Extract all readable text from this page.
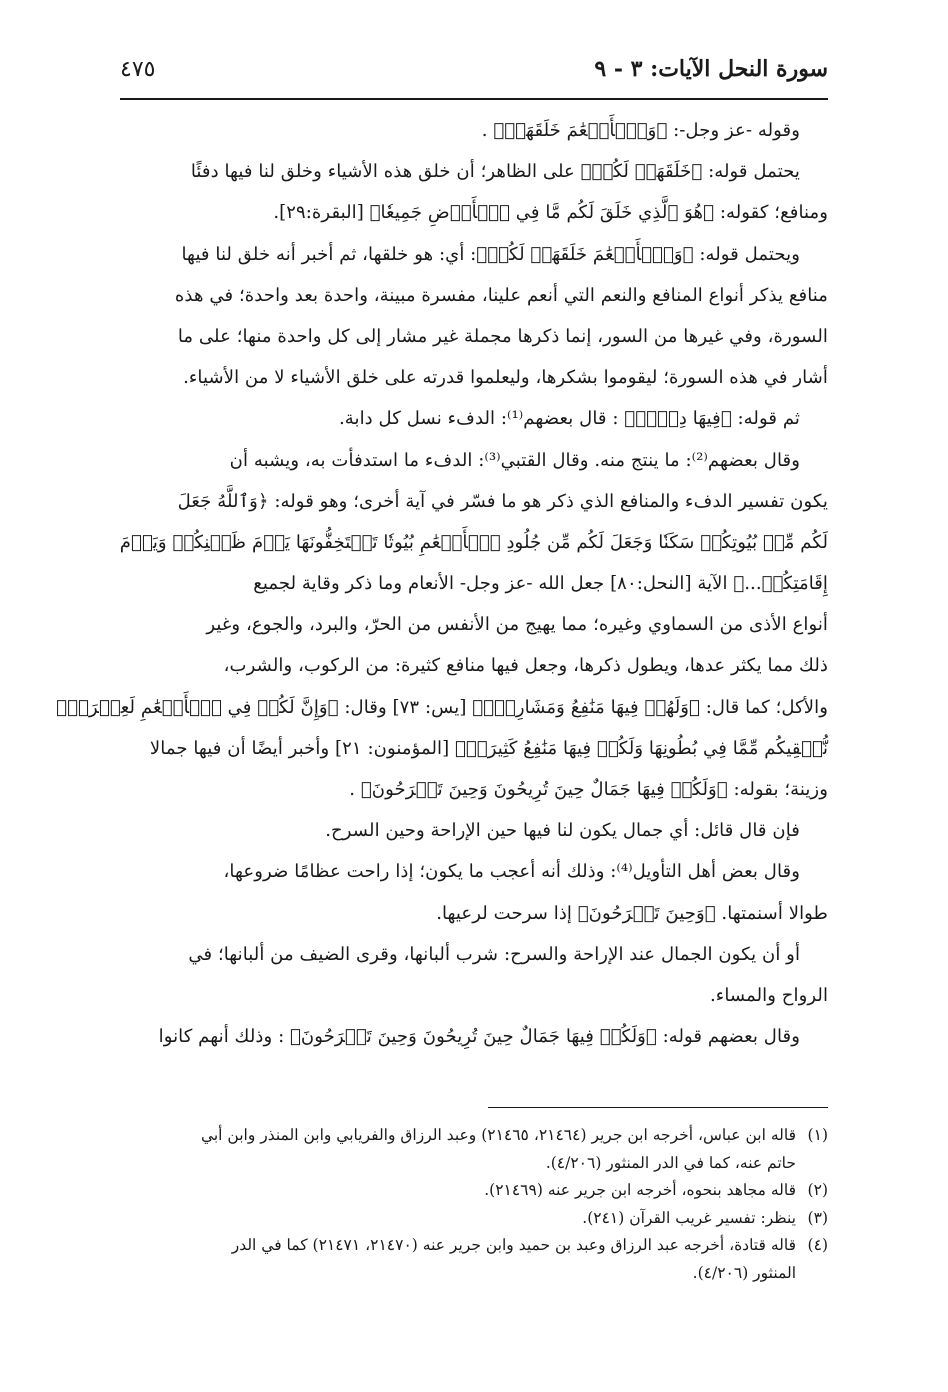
سورة النحل الآيات: ٣ - ٩
٤٧٥
وقوله -عز وجل-: ﴿وَٱلۡأَنۡعَٰمَ خَلَقَهَاۗ﴾ .
يحتمل قوله: ﴿خَلَقَهَاۗ لَكُمۡ﴾ على الظاهر؛ أن خلق هذه الأشياء وخلق لنا فيها دفئًا
ومنافع؛ كقوله: ﴿هُوَ ٱلَّذِي خَلَقَ لَكُم مَّا فِي ٱلۡأَرۡضِ جَمِيعٗا﴾ [البقرة:٢٩].
ويحتمل قوله: ﴿وَٱلۡأَنۡعَٰمَ خَلَقَهَاۗ لَكُمۡ﴾: أي: هو خلقها، ثم أخبر أنه خلق لنا فيها
منافع يذكر أنواع المنافع والنعم التي أنعم علينا، مفسرة مبينة، واحدة بعد واحدة؛ في هذه
السورة، وفي غيرها من السور، إنما ذكرها مجملة غير مشار إلى كل واحدة منها؛ على ما
أشار في هذه السورة؛ ليقوموا بشكرها، وليعلموا قدرته على خلق الأشياء لا من الأشياء.
ثم قوله: ﴿فِيهَا دِفۡءٞ﴾ : قال بعضهم⁽¹⁾: الدفء نسل كل دابة.
وقال بعضهم⁽²⁾: ما ينتج منه. وقال القتبي⁽³⁾: الدفء ما استدفأت به، ويشبه أن
يكون تفسير الدفء والمنافع الذي ذكر هو ما فسّر في آية أخرى؛ وهو قوله: ﴿وَٱللَّهُ جَعَلَ
لَكُم مِّنۢ بُيُوتِكُمۡ سَكَنٗا وَجَعَلَ لَكُم مِّن جُلُودِ ٱلۡأَنۡعَٰمِ بُيُوتٗا تَسۡتَخِفُّونَهَا يَوۡمَ ظَعۡنِكُمۡ وَيَوۡمَ
إِقَامَتِكُمۡ...﴾ الآية [النحل:٨٠] جعل الله -عز وجل- الأنعام وما ذكر وقاية لجميع
أنواع الأذى من السماوي وغيره؛ مما يهيج من الأنفس من الحرّ، والبرد، والجوع، وغير
ذلك مما يكثر عدها، ويطول ذكرها، وجعل فيها منافع كثيرة: من الركوب، والشرب،
والأكل؛ كما قال: ﴿وَلَهُمۡ فِيهَا مَنَٰفِعُ وَمَشَارِبُۚ﴾ [يس: ٧٣] وقال: ﴿وَإِنَّ لَكُمۡ فِي ٱلۡأَنۡعَٰمِ لَعِبۡرَةٗۖ
نُّسۡقِيكُم مِّمَّا فِي بُطُونِهَا وَلَكُمۡ فِيهَا مَنَٰفِعُ كَثِيرَةٞ﴾ [المؤمنون: ٢١] وأخبر أيضًا أن فيها جمالا
وزينة؛ بقوله: ﴿وَلَكُمۡ فِيهَا جَمَالٌ حِينَ تُرِيحُونَ وَحِينَ تَسۡرَحُونَ﴾ .
فإن قال قائل: أي جمال يكون لنا فيها حين الإراحة وحين السرح.
وقال بعض أهل التأويل⁽⁴⁾: وذلك أنه أعجب ما يكون؛ إذا راحت عظامًا ضروعها،
طوالا أسنمتها. ﴿وَحِينَ تَسۡرَحُونَ﴾ إذا سرحت لرعيها.
أو أن يكون الجمال عند الإراحة والسرح: شرب ألبانها، وقرى الضيف من ألبانها؛ في
الرواح والمساء.
وقال بعضهم قوله: ﴿وَلَكُمۡ فِيهَا جَمَالٌ حِينَ تُرِيحُونَ وَحِينَ تَسۡرَحُونَ﴾ : وذلك أنهم كانوا
(١)
قاله ابن عباس، أخرجه ابن جرير (٢١٤٦٤، ٢١٤٦٥) وعبد الرزاق والفريابي وابن المنذر وابن أبي
حاتم عنه، كما في الدر المنثور (٤/٢٠٦).
(٢)
قاله مجاهد بنحوه، أخرجه ابن جرير عنه (٢١٤٦٩).
(٣)
ينظر: تفسير غريب القرآن (٢٤١).
(٤)
قاله قتادة، أخرجه عبد الرزاق وعبد بن حميد وابن جرير عنه (٢١٤٧٠، ٢١٤٧١) كما في الدر
المنثور (٤/٢٠٦).
